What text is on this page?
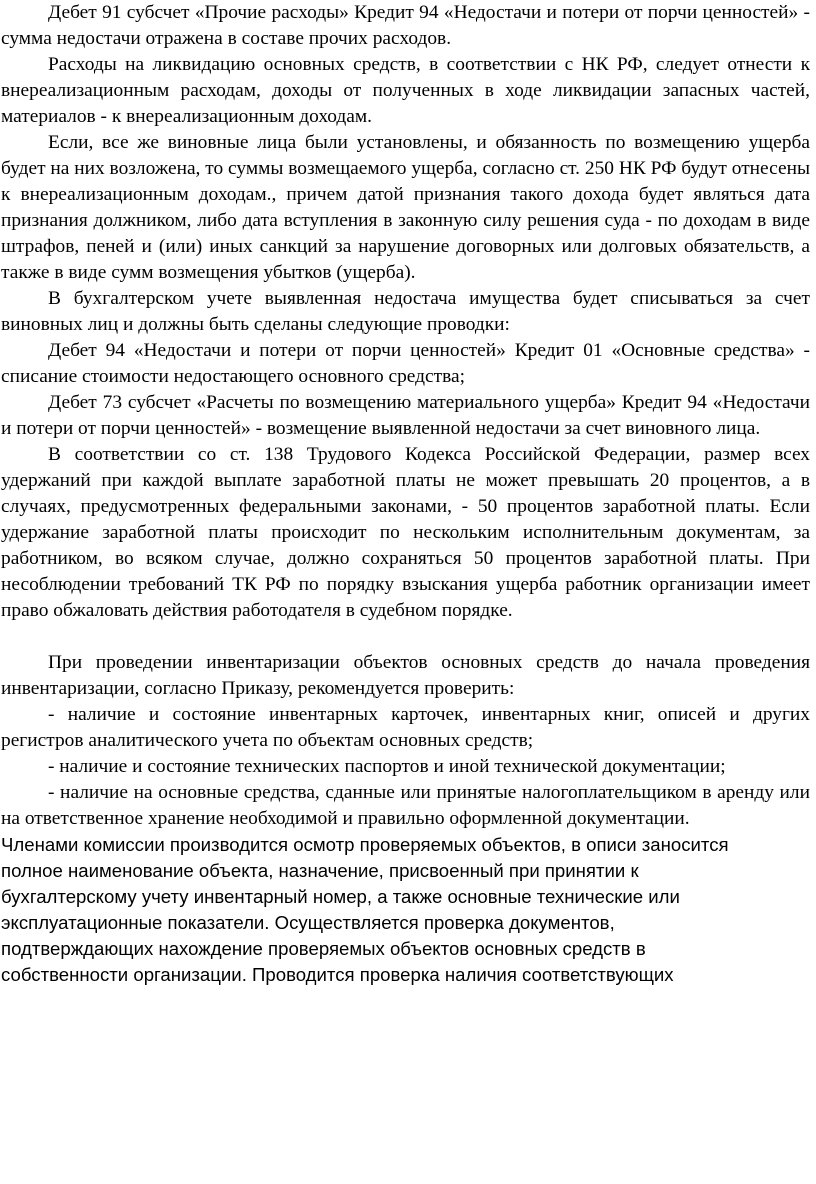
Дебет 91 субсчет «Прочие расходы» Кредит 94 «Недостачи и потери от порчи ценностей» - сумма недостачи отражена в составе прочих расходов.

Расходы на ликвидацию основных средств, в соответствии с НК РФ, следует отнести к внереализационным расходам, доходы от полученных в ходе ликвидации запасных частей, материалов - к внереализационным доходам.

Если, все же виновные лица были установлены, и обязанность по возмещению ущерба будет на них возложена, то суммы возмещаемого ущерба, согласно ст. 250 НК РФ будут отнесены к внереализационным доходам., причем датой признания такого дохода будет являться дата признания должником, либо дата вступления в законную силу решения суда - по доходам в виде штрафов, пеней и (или) иных санкций за нарушение договорных или долговых обязательств, а также в виде сумм возмещения убытков (ущерба).

В бухгалтерском учете выявленная недостача имущества будет списываться за счет виновных лиц и должны быть сделаны следующие проводки:

Дебет 94 «Недостачи и потери от порчи ценностей» Кредит 01 «Основные средства» - списание стоимости недостающего основного средства;

Дебет 73 субсчет «Расчеты по возмещению материального ущерба» Кредит 94 «Недостачи и потери от порчи ценностей» - возмещение выявленной недостачи за счет виновного лица.

В соответствии со ст. 138 Трудового Кодекса Российской Федерации, размер всех удержаний при каждой выплате заработной платы не может превышать 20 процентов, а в случаях, предусмотренных федеральными законами, - 50 процентов заработной платы. Если удержание заработной платы происходит по нескольким исполнительным документам, за работником, во всяком случае, должно сохраняться 50 процентов заработной платы. При несоблюдении требований ТК РФ по порядку взыскания ущерба работник организации имеет право обжаловать действия работодателя в судебном порядке.

При проведении инвентаризации объектов основных средств до начала проведения инвентаризации, согласно Приказу, рекомендуется проверить:

- наличие и состояние инвентарных карточек, инвентарных книг, описей и других регистров аналитического учета по объектам основных средств;

- наличие и состояние технических паспортов и иной технической документации;

- наличие на основные средства, сданные или принятые налогоплательщиком в аренду или на ответственное хранение необходимой и правильно оформленной документации.

Членами комиссии производится осмотр проверяемых объектов, в описи заносится полное наименование объекта, назначение, присвоенный при принятии к бухгалтерскому учету инвентарный номер, а также основные технические или эксплуатационные показатели. Осуществляется проверка документов, подтверждающих нахождение проверяемых объектов основных средств в собственности организации. Проводится проверка наличия соответствующих
